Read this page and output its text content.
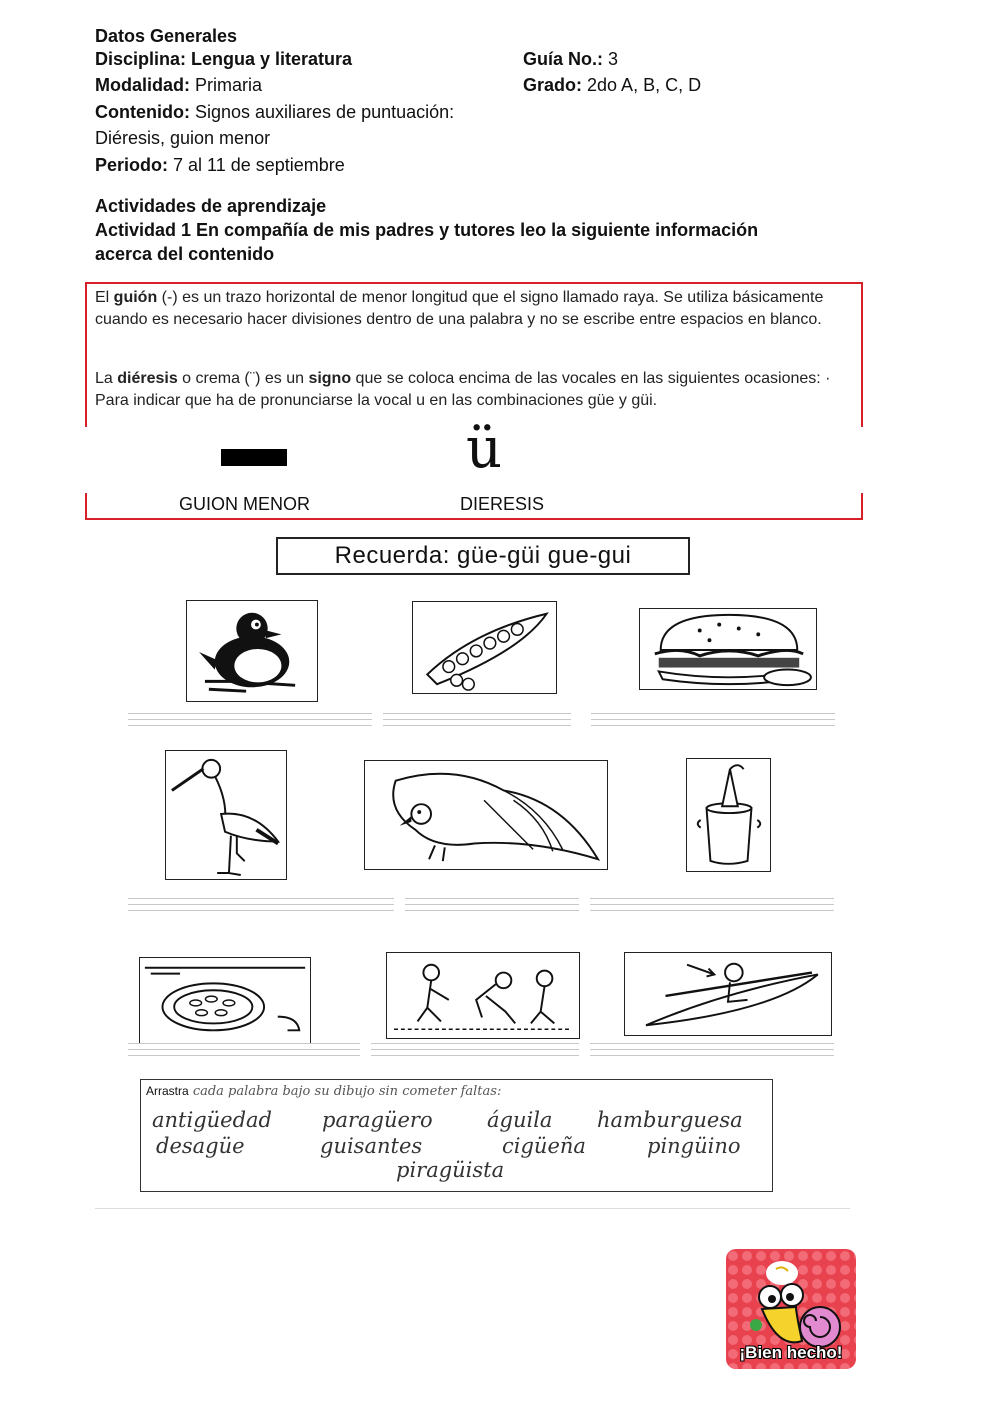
Datos Generales
Disciplina: Lengua y literatura	Guía No.: 3
Modalidad: Primaria	Grado: 2do A, B, C, D
Contenido: Signos auxiliares de puntuación:
Diéresis, guion menor
Periodo: 7 al 11 de septiembre
Actividades de aprendizaje
Actividad 1 En compañía de mis padres y tutores leo la siguiente información
acerca del contenido
El guión (-) es un trazo horizontal de menor longitud que el signo llamado raya. Se utiliza básicamente cuando es necesario hacer divisiones dentro de una palabra y no se escribe entre espacios en blanco.
La diéresis o crema (¨) es un signo que se coloca encima de las vocales en las siguientes ocasiones: · Para indicar que ha de pronunciarse la vocal u en las combinaciones güe y güi.
ü
GUION MENOR	DIERESIS
Recuerda: güe-güi gue-gui
Arrastra cada palabra bajo su dibujo sin cometer faltas:
antigüedad paragüero	águila hamburguesa
desagüe	guisantes	cigüeña	pingüino
piragüista
¡Bien hecho!
